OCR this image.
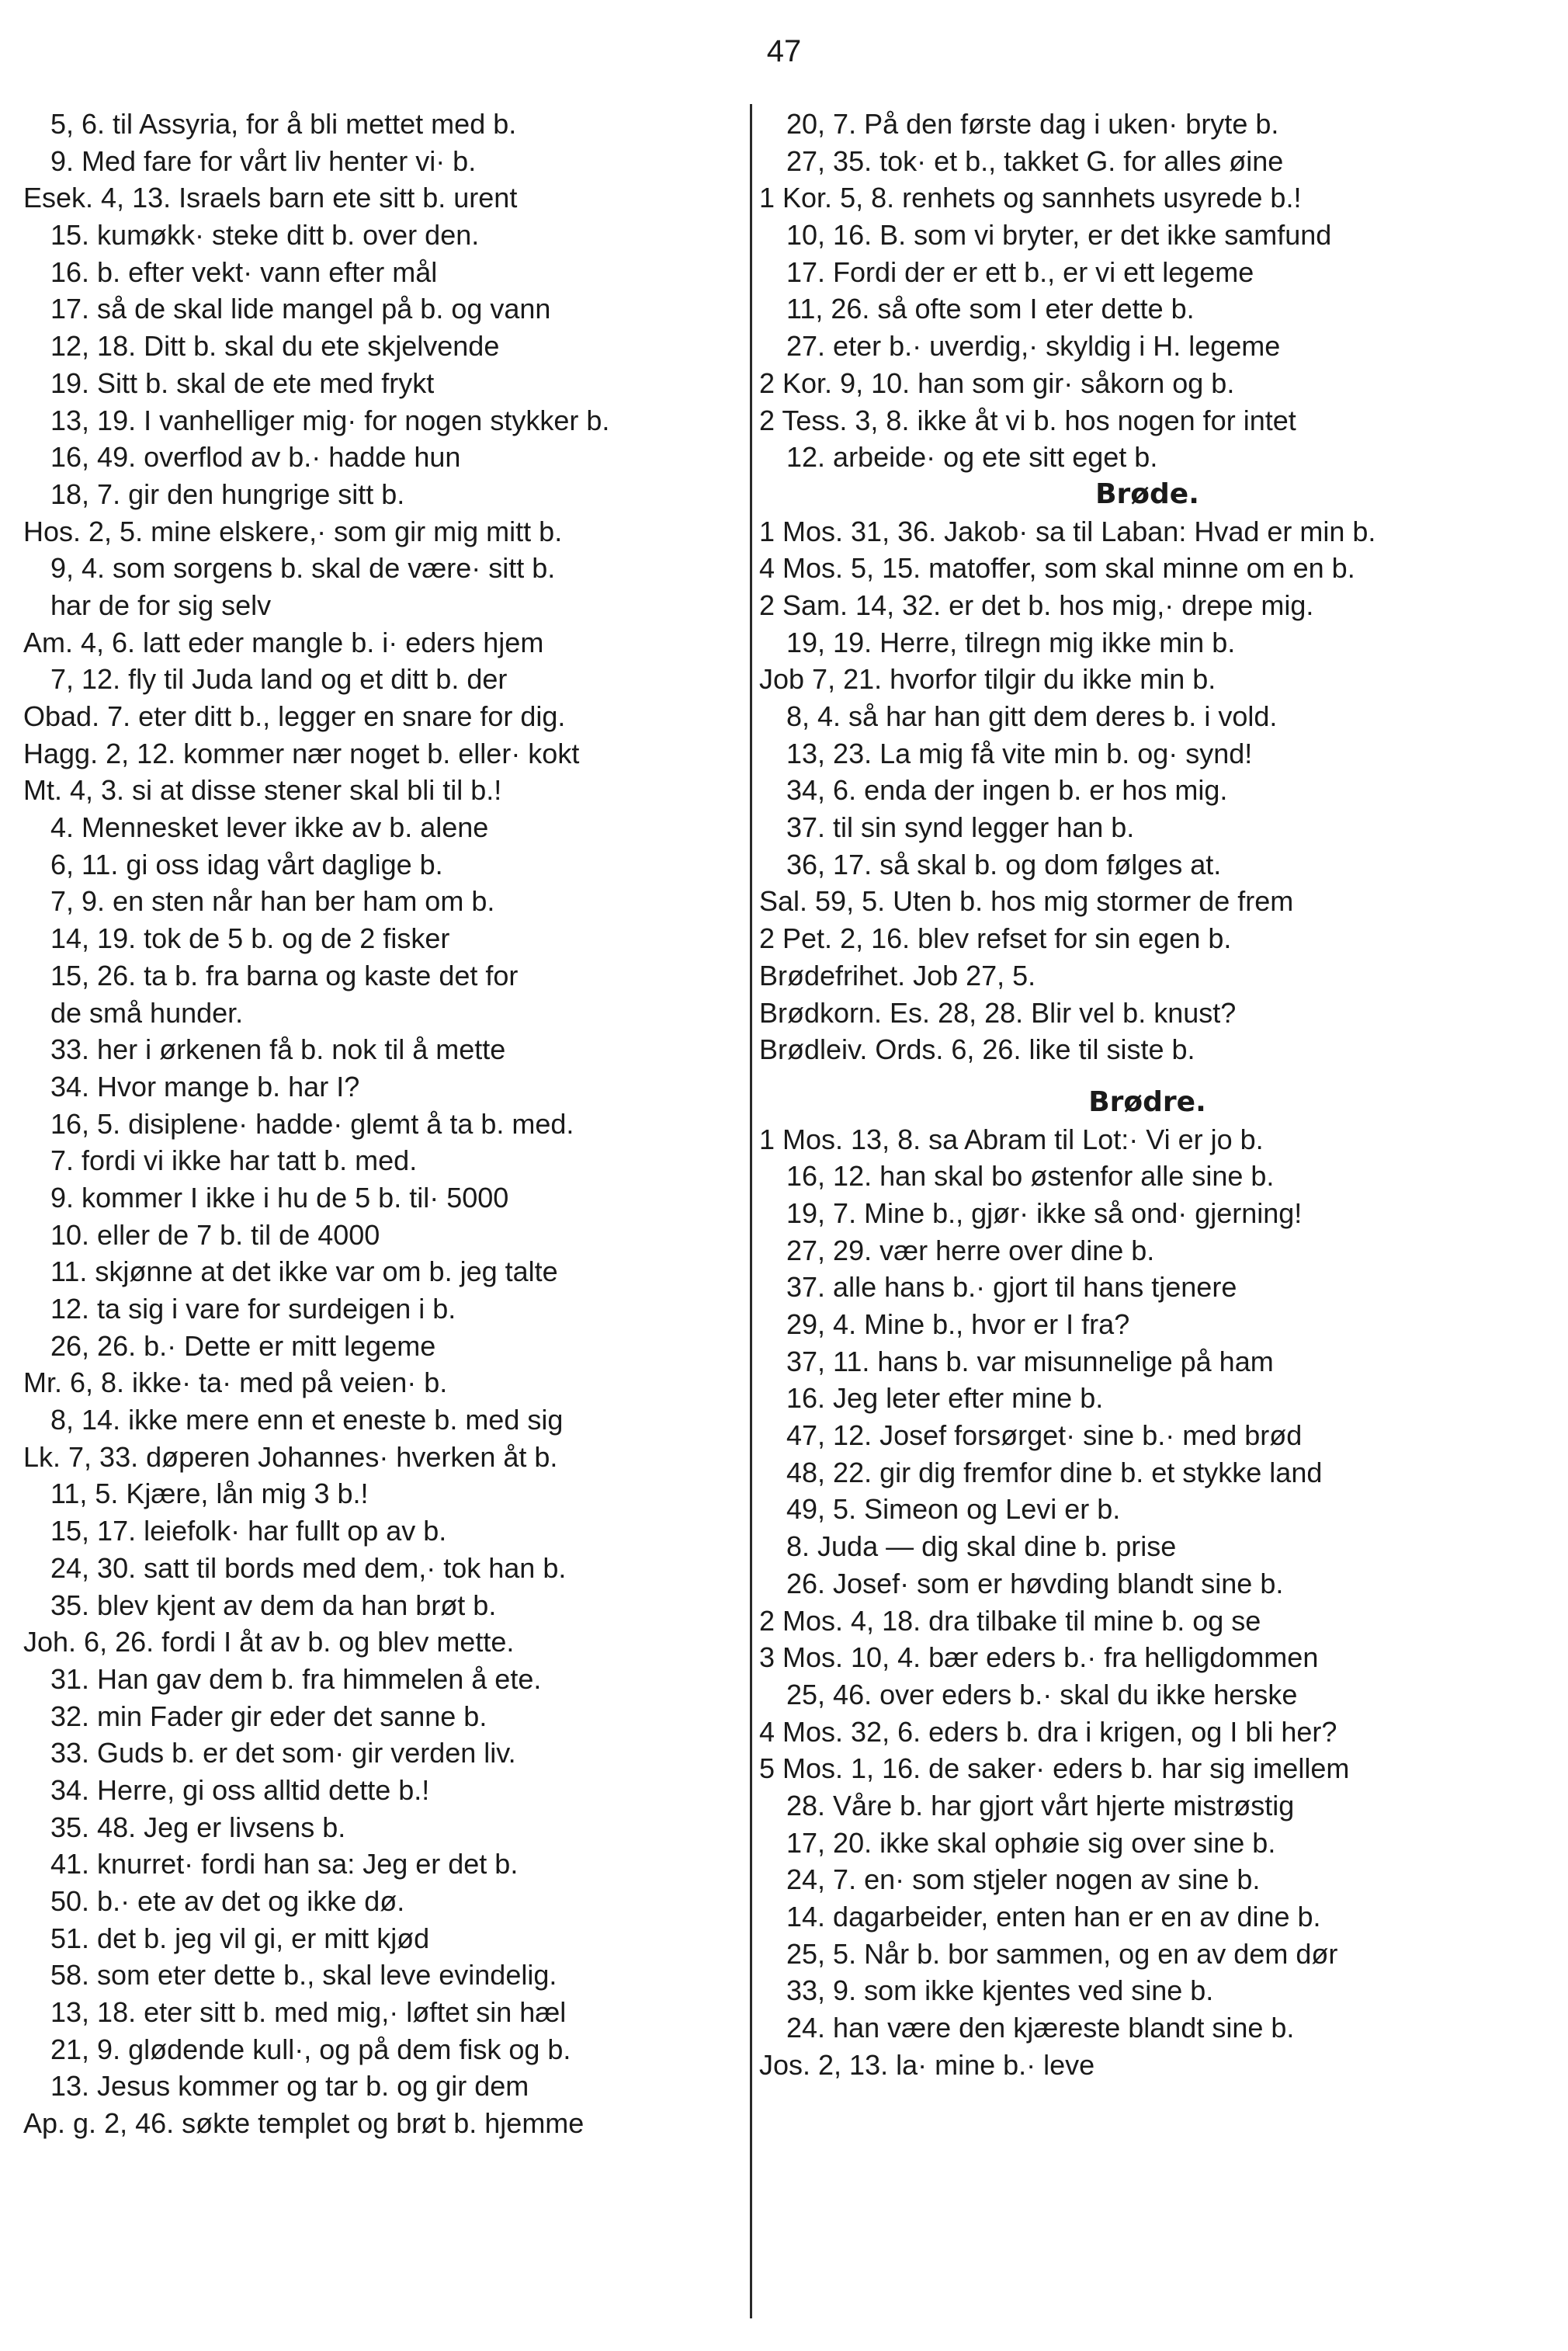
47
5, 6. til Assyria, for å bli mettet med b.
9. Med fare for vårt liv henter vi· b.
Esek. 4, 13. Israels barn ete sitt b. urent
15. kumøkk· steke ditt b. over den.
16. b. efter vekt· vann efter mål
17. så de skal lide mangel på b. og vann
12, 18. Ditt b. skal du ete skjelvende
19. Sitt b. skal de ete med frykt
13, 19. I vanhelliger mig· for nogen stykker b.
16, 49. overflod av b.· hadde hun
18, 7. gir den hungrige sitt b.
Hos. 2, 5. mine elskere,· som gir mig mitt b.
9, 4. som sorgens b. skal de være· sitt b.
har de for sig selv
Am. 4, 6. latt eder mangle b. i· eders hjem
7, 12. fly til Juda land og et ditt b. der
Obad. 7. eter ditt b., legger en snare for dig.
Hagg. 2, 12. kommer nær noget b. eller· kokt
Mt. 4, 3. si at disse stener skal bli til b.!
4. Mennesket lever ikke av b. alene
6, 11. gi oss idag vårt daglige b.
7, 9. en sten når han ber ham om b.
14, 19. tok de 5 b. og de 2 fisker
15, 26. ta b. fra barna og kaste det for
de små hunder.
33. her i ørkenen få b. nok til å mette
34. Hvor mange b. har I?
16, 5. disiplene· hadde· glemt å ta b. med.
7. fordi vi ikke har tatt b. med.
9. kommer I ikke i hu de 5 b. til· 5000
10. eller de 7 b. til de 4000
11. skjønne at det ikke var om b. jeg talte
12. ta sig i vare for surdeigen i b.
26, 26. b.· Dette er mitt legeme
Mr. 6, 8. ikke· ta· med på veien· b.
8, 14. ikke mere enn et eneste b. med sig
Lk. 7, 33. døperen Johannes· hverken åt b.
11, 5. Kjære, lån mig 3 b.!
15, 17. leiefolk· har fullt op av b.
24, 30. satt til bords med dem,· tok han b.
35. blev kjent av dem da han brøt b.
Joh. 6, 26. fordi I åt av b. og blev mette.
31. Han gav dem b. fra himmelen å ete.
32. min Fader gir eder det sanne b.
33. Guds b. er det som· gir verden liv.
34. Herre, gi oss alltid dette b.!
35. 48. Jeg er livsens b.
41. knurret· fordi han sa: Jeg er det b.
50. b.· ete av det og ikke dø.
51. det b. jeg vil gi, er mitt kjød
58. som eter dette b., skal leve evindelig.
13, 18. eter sitt b. med mig,· løftet sin hæl
21, 9. glødende kull·, og på dem fisk og b.
13. Jesus kommer og tar b. og gir dem
Ap. g. 2, 46. søkte templet og brøt b. hjemme
20, 7. På den første dag i uken· bryte b.
27, 35. tok· et b., takket G. for alles øine
1 Kor. 5, 8. renhets og sannhets usyrede b.!
10, 16. B. som vi bryter, er det ikke samfund
17. Fordi der er ett b., er vi ett legeme
11, 26. så ofte som I eter dette b.
27. eter b.· uverdig,· skyldig i H. legeme
2 Kor. 9, 10. han som gir· såkorn og b.
2 Tess. 3, 8. ikke åt vi b. hos nogen for intet
12. arbeide· og ete sitt eget b.
Brøde.
1 Mos. 31, 36. Jakob· sa til Laban: Hvad er min b.
4 Mos. 5, 15. matoffer, som skal minne om en b.
2 Sam. 14, 32. er det b. hos mig,· drepe mig.
19, 19. Herre, tilregn mig ikke min b.
Job 7, 21. hvorfor tilgir du ikke min b.
8, 4. så har han gitt dem deres b. i vold.
13, 23. La mig få vite min b. og· synd!
34, 6. enda der ingen b. er hos mig.
37. til sin synd legger han b.
36, 17. så skal b. og dom følges at.
Sal. 59, 5. Uten b. hos mig stormer de frem
2 Pet. 2, 16. blev refset for sin egen b.
Brødefrihet. Job 27, 5.
Brødkorn. Es. 28, 28. Blir vel b. knust?
Brødleiv. Ords. 6, 26. like til siste b.
Brødre.
1 Mos. 13, 8. sa Abram til Lot:· Vi er jo b.
16, 12. han skal bo østenfor alle sine b.
19, 7. Mine b., gjør· ikke så ond· gjerning!
27, 29. vær herre over dine b.
37. alle hans b.· gjort til hans tjenere
29, 4. Mine b., hvor er I fra?
37, 11. hans b. var misunnelige på ham
16. Jeg leter efter mine b.
47, 12. Josef forsørget· sine b.· med brød
48, 22. gir dig fremfor dine b. et stykke land
49, 5. Simeon og Levi er b.
8. Juda — dig skal dine b. prise
26. Josef· som er høvding blandt sine b.
2 Mos. 4, 18. dra tilbake til mine b. og se
3 Mos. 10, 4. bær eders b.· fra helligdommen
25, 46. over eders b.· skal du ikke herske
4 Mos. 32, 6. eders b. dra i krigen, og I bli her?
5 Mos. 1, 16. de saker· eders b. har sig imellem
28. Våre b. har gjort vårt hjerte mistrøstig
17, 20. ikke skal ophøie sig over sine b.
24, 7. en· som stjeler nogen av sine b.
14. dagarbeider, enten han er en av dine b.
25, 5. Når b. bor sammen, og en av dem dør
33, 9. som ikke kjentes ved sine b.
24. han være den kjæreste blandt sine b.
Jos. 2, 13. la· mine b.· leve
